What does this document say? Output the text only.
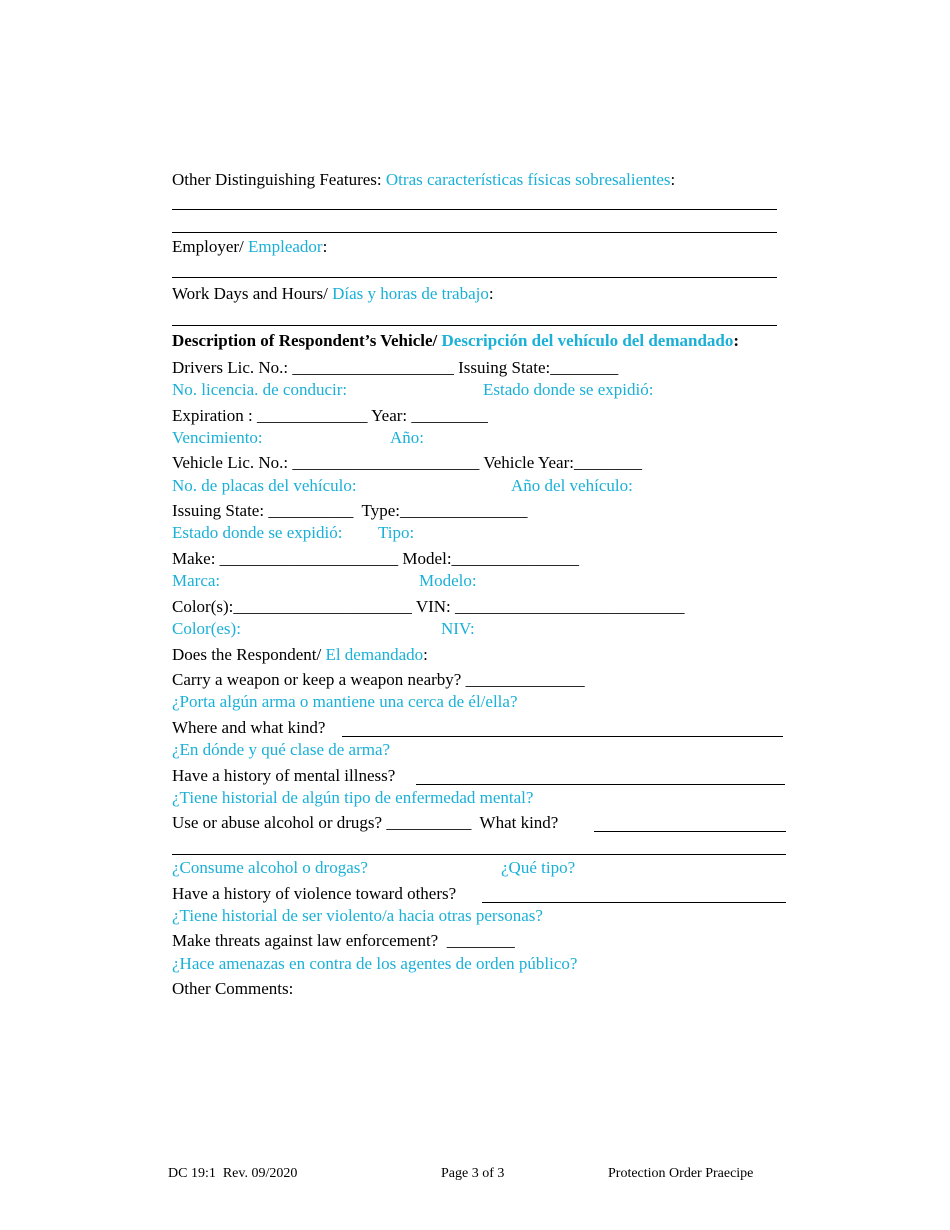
Other Distinguishing Features: Otras características físicas sobresalientes:
Employer/ Empleador:
Work Days and Hours/ Días y horas de trabajo:
Description of Respondent’s Vehicle/ Descripción del vehículo del demandado:
Drivers Lic. No.: ___________________ Issuing State:________
No. licencia. de conducir:	Estado donde se expidió:
Expiration : _____________ Year: _________
Vencimiento:	Año:
Vehicle Lic. No.: ______________________ Vehicle Year:________
No. de placas del vehículo:	Año del vehículo:
Issuing State: __________  Type:_______________
Estado donde se expidió: Tipo:
Make: _____________________ Model:_______________
Marca:	Modelo:
Color(s):_____________________ VIN: ___________________________
Color(es):	NIV:
Does the Respondent/ El demandado:
Carry a weapon or keep a weapon nearby? ______________
¿Porta algún arma o mantiene una cerca de él/ella?
Where and what kind?
¿En dónde y qué clase de arma?
Have a history of mental illness?
¿Tiene historial de algún tipo de enfermedad mental?
Use or abuse alcohol or drugs? __________  What kind?
¿Consume alcohol o drogas?	¿Qué tipo?
Have a history of violence toward others?
¿Tiene historial de ser violento/a hacia otras personas?
Make threats against law enforcement?  ________
¿Hace amenazas en contra de los agentes de orden público?
Other Comments:
DC 19:1  Rev. 09/2020	Page 3 of 3	Protection Order Praecipe
